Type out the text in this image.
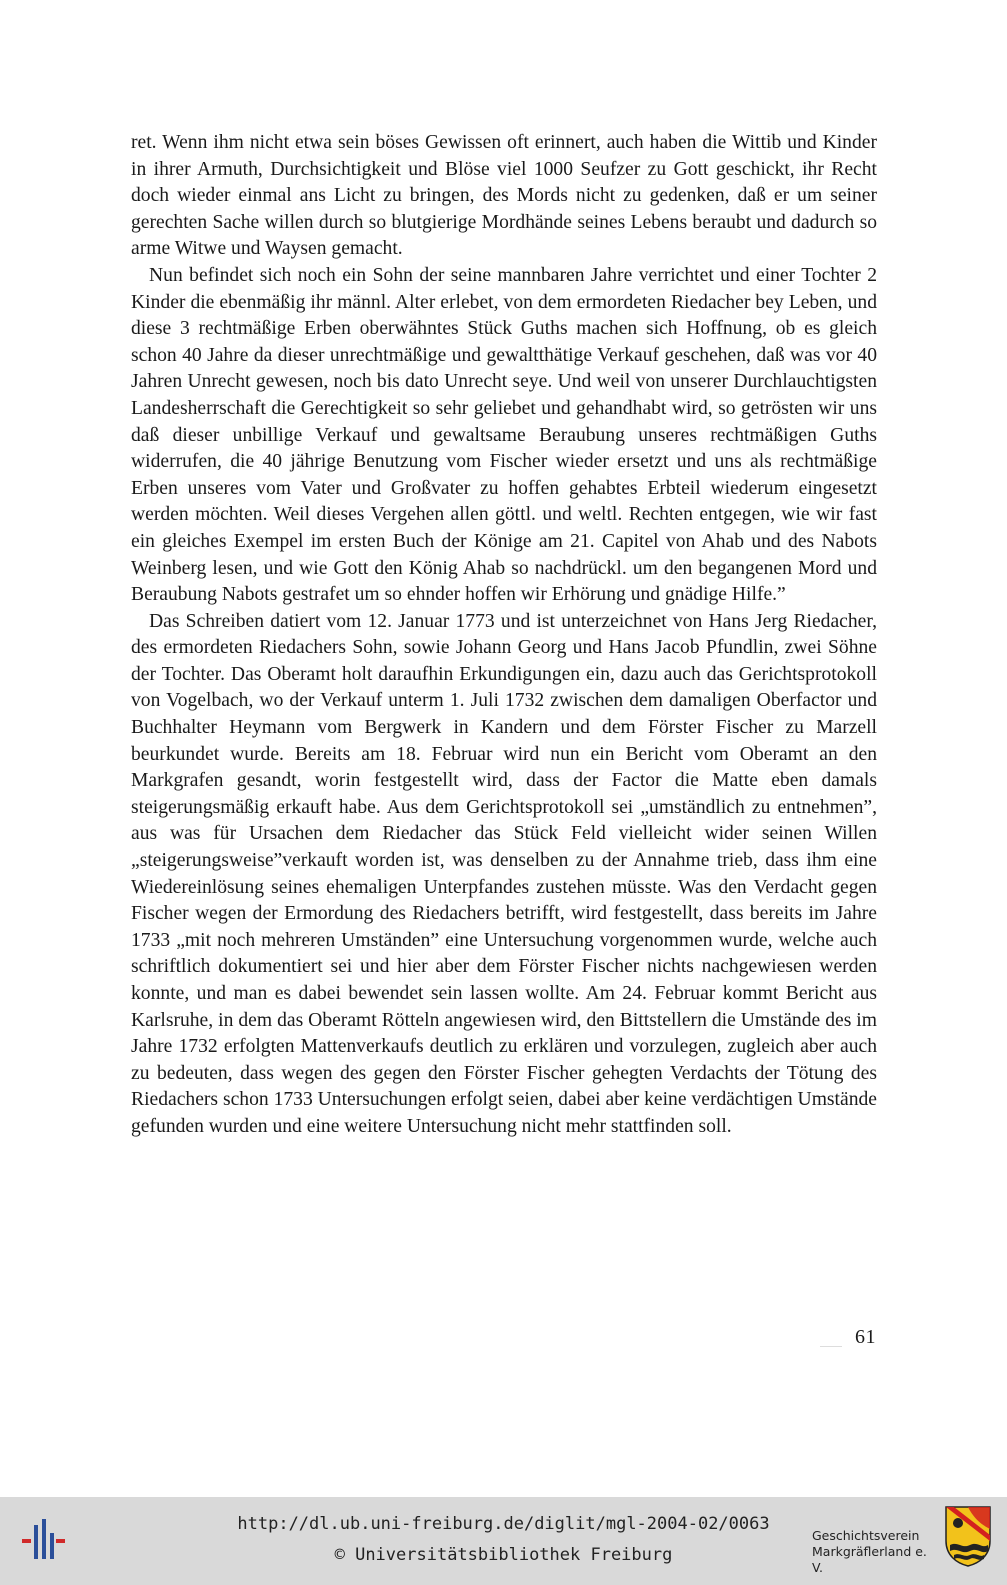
ret. Wenn ihm nicht etwa sein böses Gewissen oft erinnert, auch haben die Wittib und Kinder in ihrer Armuth, Durchsichtigkeit und Blöse viel 1000 Seufzer zu Gott geschickt, ihr Recht doch wieder einmal ans Licht zu bringen, des Mords nicht zu gedenken, daß er um seiner gerechten Sache willen durch so blutgierige Mordhände seines Lebens beraubt und dadurch so arme Witwe und Waysen gemacht.

Nun befindet sich noch ein Sohn der seine mannbaren Jahre verrichtet und einer Tochter 2 Kinder die ebenmäßig ihr männl. Alter erlebet, von dem ermordeten Riedacher bey Leben, und diese 3 rechtmäßige Erben oberwähntes Stück Guths machen sich Hoffnung, ob es gleich schon 40 Jahre da dieser unrechtmäßige und gewaltthätige Verkauf geschehen, daß was vor 40 Jahren Unrecht gewesen, noch bis dato Unrecht seye. Und weil von unserer Durchlauchtigsten Landesherrschaft die Gerechtigkeit so sehr geliebet und gehandhabt wird, so getrösten wir uns daß dieser unbillige Verkauf und gewaltsame Beraubung unseres rechtmäßigen Guths widerrufen, die 40 jährige Benutzung vom Fischer wieder ersetzt und uns als rechtmäßige Erben unseres vom Vater und Großvater zu hoffen gehabtes Erbteil wiederum eingesetzt werden möchten. Weil dieses Vergehen allen göttl. und weltl. Rechten entgegen, wie wir fast ein gleiches Exempel im ersten Buch der Könige am 21. Capitel von Ahab und des Nabots Weinberg lesen, und wie Gott den König Ahab so nachdrückl. um den begangenen Mord und Beraubung Nabots gestrafet um so ehnder hoffen wir Erhörung und gnädige Hilfe.”

Das Schreiben datiert vom 12. Januar 1773 und ist unterzeichnet von Hans Jerg Riedacher, des ermordeten Riedachers Sohn, sowie Johann Georg und Hans Jacob Pfundlin, zwei Söhne der Tochter. Das Oberamt holt daraufhin Erkundigungen ein, dazu auch das Gerichtsprotokoll von Vogelbach, wo der Verkauf unterm 1. Juli 1732 zwischen dem damaligen Oberfactor und Buchhalter Heymann vom Bergwerk in Kandern und dem Förster Fischer zu Marzell beurkundet wurde. Bereits am 18. Februar wird nun ein Bericht vom Oberamt an den Markgrafen gesandt, worin festgestellt wird, dass der Factor die Matte eben damals steigerungsmäßig erkauft habe. Aus dem Gerichtsprotokoll sei „umständlich zu entnehmen”, aus was für Ursachen dem Riedacher das Stück Feld vielleicht wider seinen Willen „steigerungsweise”verkauft worden ist, was denselben zu der Annahme trieb, dass ihm eine Wiedereinlösung seines ehemaligen Unterpfandes zustehen müsste. Was den Verdacht gegen Fischer wegen der Ermordung des Riedachers betrifft, wird festgestellt, dass bereits im Jahre 1733 „mit noch mehreren Umständen” eine Untersuchung vorgenommen wurde, welche auch schriftlich dokumentiert sei und hier aber dem Förster Fischer nichts nachgewiesen werden konnte, und man es dabei bewendet sein lassen wollte. Am 24. Februar kommt Bericht aus Karlsruhe, in dem das Oberamt Rötteln angewiesen wird, den Bittstellern die Umstände des im Jahre 1732 erfolgten Mattenverkaufs deutlich zu erklären und vorzulegen, zugleich aber auch zu bedeuten, dass wegen des gegen den Förster Fischer gehegten Verdachts der Tötung des Riedachers schon 1733 Untersuchungen erfolgt seien, dabei aber keine verdächtigen Umstände gefunden wurden und eine weitere Untersuchung nicht mehr stattfinden soll.

61
http://dl.ub.uni-freiburg.de/diglit/mgl-2004-02/0063
© Universitätsbibliothek Freiburg
Geschichtsverein
Markgräflerland e. V.
